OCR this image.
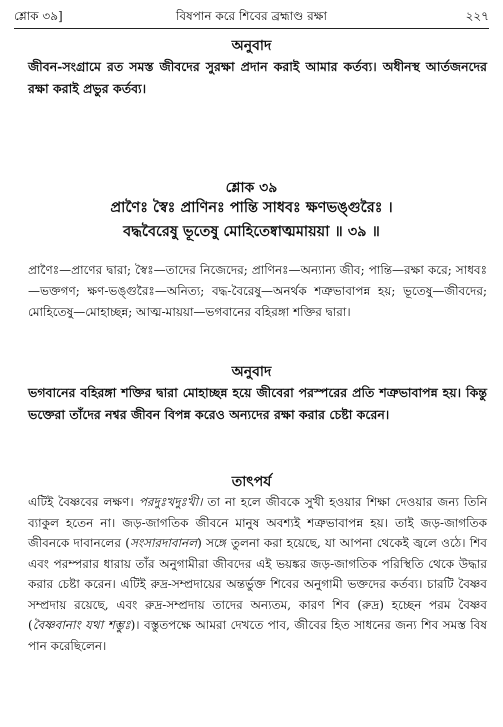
শ্লোক ৩৯]	বিষপান করে শিবের ব্রহ্মাণ্ড রক্ষা	২২৭
অনুবাদ
জীবন-সংগ্রামে রত সমস্ত জীবদের সুরক্ষা প্রদান করাই আমার কর্তব্য। অধীনস্থ আর্তজনদের রক্ষা করাই প্রভুর কর্তব্য।
শ্লোক ৩৯
প্রাণৈঃ স্বৈঃ প্রাণিনঃ পান্তি সাধবঃ ক্ষণভঙ্গুরৈঃ ।
বদ্ধবৈরেষু ভূতেষু মোহিতেষ্বাত্মমায়য়া ॥ ৩৯ ॥
প্রাণৈঃ—প্রাণের দ্বারা; স্বৈঃ—তাদের নিজেদের; প্রাণিনঃ—অন্যান্য জীব; পান্তি—রক্ষা করে; সাধবঃ—ভক্তগণ; ক্ষণ-ভঙ্গুরৈঃ—অনিত্য; বদ্ধ-বৈরেষু—অনর্থক শত্রুভাবাপন্ন হয়; ভূতেষু—জীবদের; মোহিতেষু—মোহাচ্ছন্ন; আত্ম-মায়য়া—ভগবানের বহিরঙ্গা শক্তির দ্বারা।
অনুবাদ
ভগবানের বহিরঙ্গা শক্তির দ্বারা মোহাচ্ছন্ন হয়ে জীবেরা পরস্পরের প্রতি শত্রুভাবাপন্ন হয়। কিন্তু ভক্তেরা তাঁদের নশ্বর জীবন বিপন্ন করেও অন্যদের রক্ষা করার চেষ্টা করেন।
তাৎপর্য
এটিই বৈষ্ণবের লক্ষণ। পরদুঃখদুঃখী। তা না হলে জীবকে সুখী হওয়ার শিক্ষা দেওয়ার জন্য তিনি ব্যাকুল হতেন না। জড়-জাগতিক জীবনে মানুষ অবশ্যই শত্রুভাবাপন্ন হয়। তাই জড়-জাগতিক জীবনকে দাবানলের (সংসারদাবানল) সঙ্গে তুলনা করা হয়েছে, যা আপনা থেকেই জ্বলে ওঠে। শিব এবং পরম্পরার ধারায় তাঁর অনুগামীরা জীবদের এই ভয়ঙ্কর জড়-জাগতিক পরিস্থিতি থেকে উদ্ধার করার চেষ্টা করেন। এটিই রুদ্র-সম্প্রদায়ের অন্তর্ভুক্ত শিবের অনুগামী ভক্তদের কর্তব্য। চারটি বৈষ্ণব সম্প্রদায় রয়েছে, এবং রুদ্র-সম্প্রদায় তাদের অন্যতম, কারণ শিব (রুদ্র) হচ্ছেন পরম বৈষ্ণব (বৈষ্ণবানাং যথা শম্ভুঃ)। বস্তুতপক্ষে আমরা দেখতে পাব, জীবের হিত সাধনের জন্য শিব সমস্ত বিষ পান করেছিলেন।
